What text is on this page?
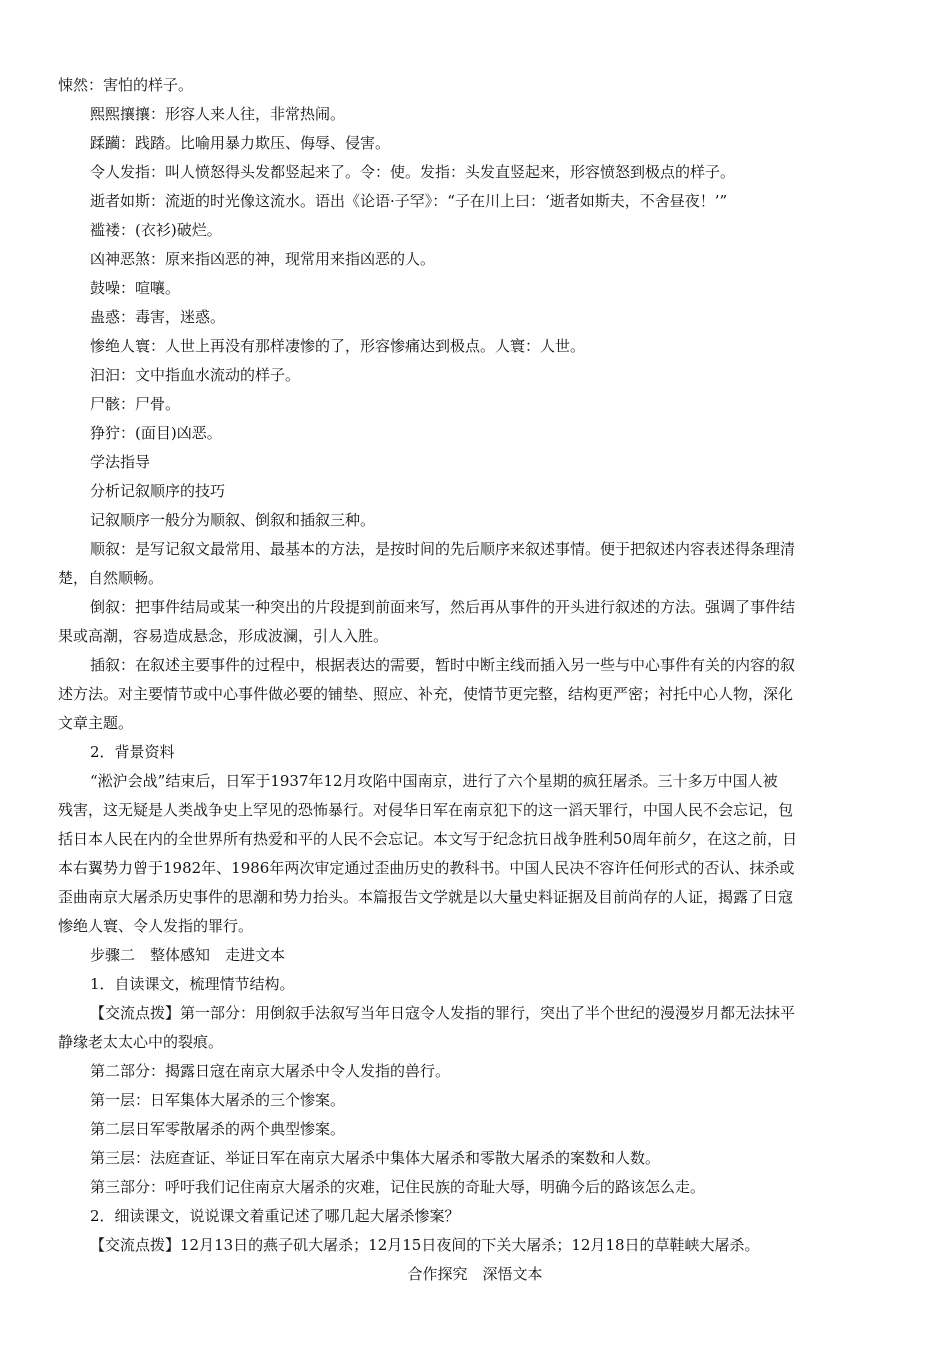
悚然：害怕的样子。
熙熙攘攘：形容人来人往，非常热闹。
蹂躏：践踏。比喻用暴力欺压、侮辱、侵害。
令人发指：叫人愤怒得头发都竖起来了。令：使。发指：头发直竖起来，形容愤怒到极点的样子。
逝者如斯：流逝的时光像这流水。语出《论语·子罕》：“子在川上曰：‘逝者如斯夫，不舍昼夜！’”
褴褛：(衣衫)破烂。
凶神恶煞：原来指凶恶的神，现常用来指凶恶的人。
鼓噪：喧嚷。
蛊惑：毒害，迷惑。
惨绝人寰：人世上再没有那样凄惨的了，形容惨痛达到极点。人寰：人世。
汩汩：文中指血水流动的样子。
尸骸：尸骨。
狰狞：(面目)凶恶。
学法指导
分析记叙顺序的技巧
记叙顺序一般分为顺叙、倒叙和插叙三种。
顺叙：是写记叙文最常用、最基本的方法，是按时间的先后顺序来叙述事情。便于把叙述内容表述得条理清
楚，自然顺畅。
倒叙：把事件结局或某一种突出的片段提到前面来写，然后再从事件的开头进行叙述的方法。强调了事件结
果或高潮，容易造成悬念，形成波澜，引人入胜。
插叙：在叙述主要事件的过程中，根据表达的需要，暂时中断主线而插入另一些与中心事件有关的内容的叙
述方法。对主要情节或中心事件做必要的铺垫、照应、补充，使情节更完整，结构更严密；衬托中心人物，深化
文章主题。
2．背景资料
“淞沪会战”结束后，日军于1937年12月攻陷中国南京，进行了六个星期的疯狂屠杀。三十多万中国人被
残害，这无疑是人类战争史上罕见的恐怖暴行。对侵华日军在南京犯下的这一滔天罪行，中国人民不会忘记，包
括日本人民在内的全世界所有热爱和平的人民不会忘记。本文写于纪念抗日战争胜利50周年前夕，在这之前，日
本右翼势力曾于1982年、1986年两次审定通过歪曲历史的教科书。中国人民决不容许任何形式的否认、抹杀或
歪曲南京大屠杀历史事件的思潮和势力抬头。本篇报告文学就是以大量史料证据及目前尚存的人证，揭露了日寇
惨绝人寰、令人发指的罪行。
步骤二　整体感知　走进文本
1．自读课文，梳理情节结构。
【交流点拨】第一部分：用倒叙手法叙写当年日寇令人发指的罪行，突出了半个世纪的漫漫岁月都无法抹平
静缘老太太心中的裂痕。
第二部分：揭露日寇在南京大屠杀中令人发指的兽行。
第一层：日军集体大屠杀的三个惨案。
第二层日军零散屠杀的两个典型惨案。
第三层：法庭查证、举证日军在南京大屠杀中集体大屠杀和零散大屠杀的案数和人数。
第三部分：呼吁我们记住南京大屠杀的灾难，记住民族的奇耻大辱，明确今后的路该怎么走。
2．细读课文，说说课文着重记述了哪几起大屠杀惨案？
【交流点拨】12月13日的燕子矶大屠杀；12月15日夜间的下关大屠杀；12月18日的草鞋峡大屠杀。
合作探究　深悟文本
